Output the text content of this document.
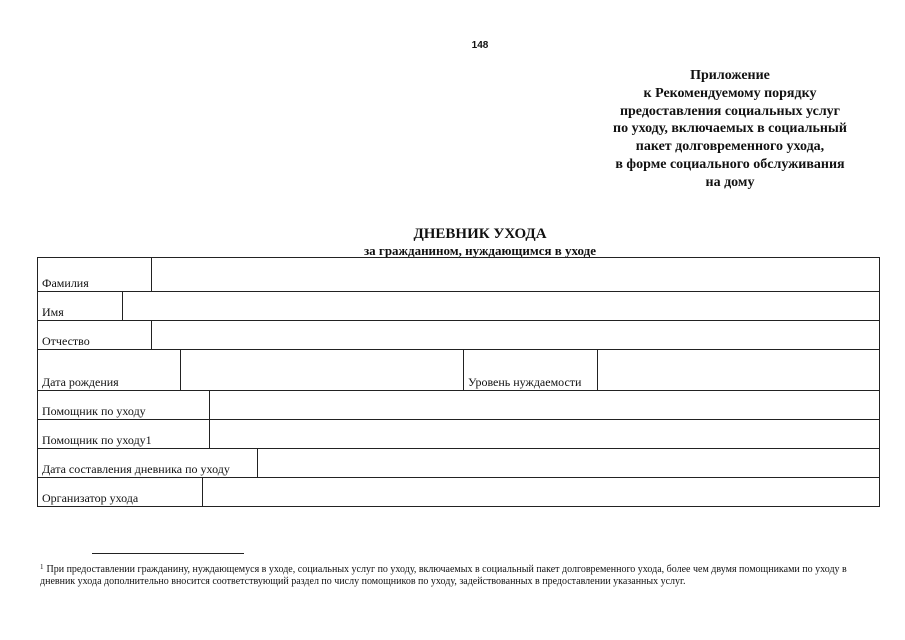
148
Приложение
к Рекомендуемому порядку
предоставления социальных услуг
по уходу, включаемых в социальный
пакет долговременного ухода,
в форме социального обслуживания
на дому
ДНЕВНИК УХОДА
за гражданином, нуждающимся в уходе
Фамилия
Имя
Отчество
Дата рождения	Уровень нуждаемости
Помощник по уходу
Помощник по уходу1
Дата составления дневника по уходу
Организатор ухода
$^1$ При предоставлении гражданину, нуждающемуся в уходе, социальных услуг по уходу, включаемых в социальный пакет долговременного ухода, более чем двумя помощниками по уходу в дневник ухода дополнительно вносится соответствующий раздел по числу помощников по уходу, задействованных в предоставлении указанных услуг.
